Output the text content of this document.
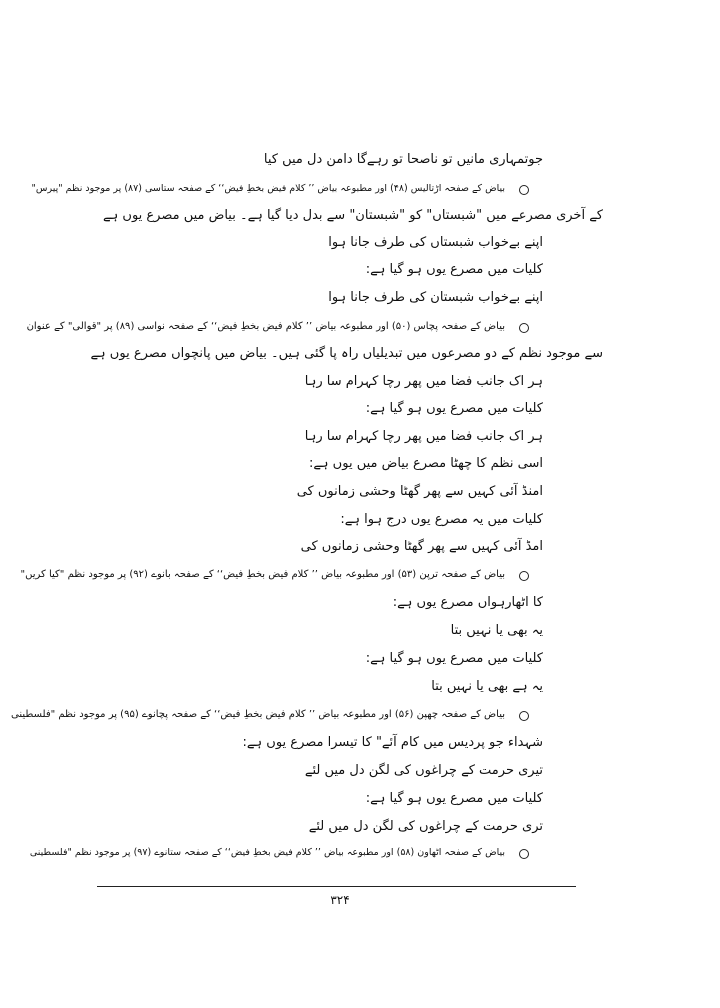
جوتمہاری مانیں تو ناصحا تو رہےگا دامن دل میں کیا
بیاض کے صفحہ اڑتالیس (۴۸) اور مطبوعہ بیاض ’’ کلام فیض بخطِ فیض‘‘ کے صفحہ ستاسی (۸۷) پر موجود نظم "پیرس"
کے آخری مصرعے میں "شبستاں" کو "شبستان" سے بدل دیا گیا ہے۔ بیاض میں مصرع یوں ہے
اپنے بےخواب شبستاں کی طرف جانا ہوا
کلیات میں مصرع یوں ہو گیا ہے:
اپنے بےخواب شبستان کی طرف جانا ہوا
بیاض کے صفحہ پچاس (۵۰) اور مطبوعہ بیاض ’’ کلام فیض بخطِ فیض‘‘ کے صفحہ نواسی (۸۹) پر "قوالی" کے عنوان
سے موجود نظم کے دو مصرعوں میں تبدیلیاں راہ پا گئی ہیں۔ بیاض میں پانچواں مصرع یوں ہے
ہر اک جانب فضا میں پھر رچا کہرام سا رہا
کلیات میں مصرع یوں ہو گیا ہے:
ہر اک جانب فضا میں پھر رچا کہرام سا رہا
اسی نظم کا چھٹا مصرع بیاض میں یوں ہے:
امنڈ آئی کہیں سے پھر گھٹا وحشی زمانوں کی
کلیات میں یہ مصرع یوں درج ہوا ہے:
امڈ آئی کہیں سے پھر گھٹا وحشی زمانوں کی
بیاض کے صفحہ ترپن (۵۳) اور مطبوعہ بیاض ’’ کلام فیض بخطِ فیض‘‘ کے صفحہ بانوے (۹۲) پر موجود نظم "کیا کریں"
کا اٹھارہواں مصرع یوں ہے:
یہ بھی یا نہیں بتا
کلیات میں مصرع یوں ہو گیا ہے:
یہ ہے بھی یا نہیں بتا
بیاض کے صفحہ چھپن (۵۶) اور مطبوعہ بیاض ’’ کلام فیض بخطِ فیض‘‘ کے صفحہ پچانوے (۹۵) پر موجود نظم "فلسطینی
شہداء جو پردیس میں کام آئے" کا تیسرا مصرع یوں ہے:
تیری حرمت کے چراغوں کی لگن دل میں لئے
کلیات میں مصرع یوں ہو گیا ہے:
تری حرمت کے چراغوں کی لگن دل میں لئے
بیاض کے صفحہ اٹھاون (۵۸) اور مطبوعہ بیاض ’’ کلام فیض بخطِ فیض‘‘ کے صفحہ ستانوے (۹۷) پر موجود نظم "فلسطینی
۳۲۴
